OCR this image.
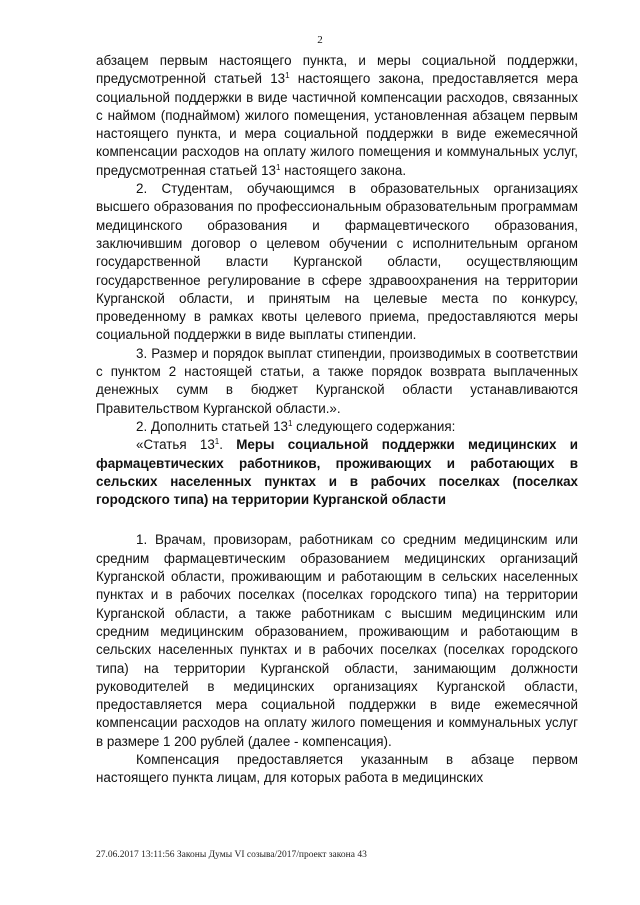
2

абзацем первым настоящего пункта, и меры социальной поддержки, предусмотренной статьей $13^1$ настоящего закона, предоставляется мера социальной поддержки в виде частичной компенсации расходов, связанных с наймом (поднаймом) жилого помещения, установленная абзацем первым настоящего пункта, и мера социальной поддержки в виде ежемесячной компенсации расходов на оплату жилого помещения и коммунальных услуг, предусмотренная статьей $13^1$ настоящего закона.

2. Студентам, обучающимся в образовательных организациях высшего образования по профессиональным образовательным программам медицинского образования и фармацевтического образования, заключившим договор о целевом обучении с исполнительным органом государственной власти Курганской области, осуществляющим государственное регулирование в сфере здравоохранения на территории Курганской области, и принятым на целевые места по конкурсу, проведенному в рамках квоты целевого приема, предоставляются меры социальной поддержки в виде выплаты стипендии.

3. Размер и порядок выплат стипендии, производимых в соответствии с пунктом 2 настоящей статьи, а также порядок возврата выплаченных денежных сумм в бюджет Курганской области устанавливаются Правительством Курганской области.».

2. Дополнить статьей $13^1$ следующего содержания:

«Статья $13^1$. Меры социальной поддержки медицинских и фармацевтических работников, проживающих и работающих в сельских населенных пунктах и в рабочих поселках (поселках городского типа) на территории Курганской области

1. Врачам, провизорам, работникам со средним медицинским или средним фармацевтическим образованием медицинских организаций Курганской области, проживающим и работающим в сельских населенных пунктах и в рабочих поселках (поселках городского типа) на территории Курганской области, а также работникам с высшим медицинским или средним медицинским образованием, проживающим и работающим в сельских населенных пунктах и в рабочих поселках (поселках городского типа) на территории Курганской области, занимающим должности руководителей в медицинских организациях Курганской области, предоставляется мера социальной поддержки в виде ежемесячной компенсации расходов на оплату жилого помещения и коммунальных услуг в размере 1 200 рублей (далее - компенсация).

Компенсация предоставляется указанным в абзаце первом настоящего пункта лицам, для которых работа в медицинских

27.06.2017 13:11:56 Законы Думы VI созыва/2017/проект закона 43
